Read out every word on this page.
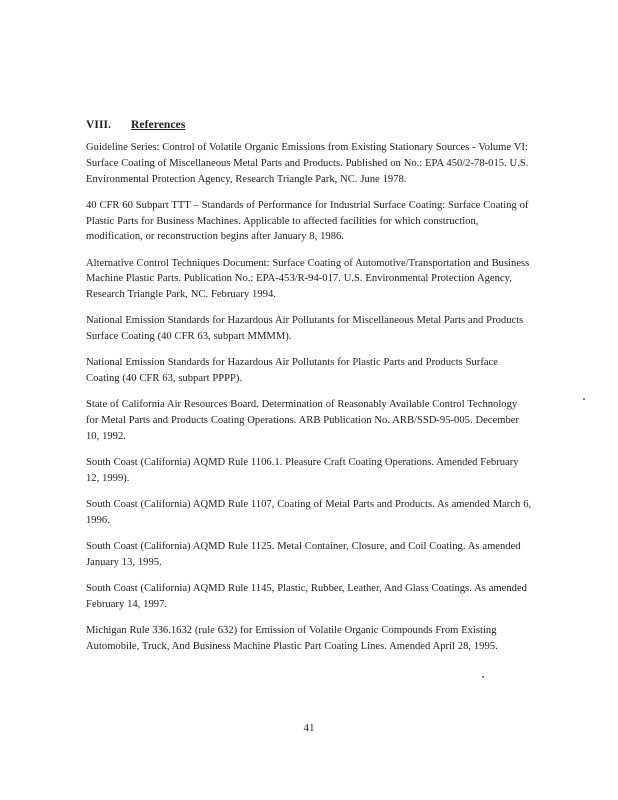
VIII. References
Guideline Series: Control of Volatile Organic Emissions from Existing Stationary Sources - Volume VI: Surface Coating of Miscellaneous Metal Parts and Products. Published on No.: EPA 450/2-78-015. U.S. Environmental Protection Agency, Research Triangle Park, NC. June 1978.
40 CFR 60 Subpart TTT – Standards of Performance for Industrial Surface Coating: Surface Coating of Plastic Parts for Business Machines. Applicable to affected facilities for which construction, modification, or reconstruction begins after January 8, 1986.
Alternative Control Techniques Document: Surface Coating of Automotive/Transportation and Business Machine Plastic Parts. Publication No.: EPA-453/R-94-017. U.S. Environmental Protection Agency, Research Triangle Park, NC. February 1994.
National Emission Standards for Hazardous Air Pollutants for Miscellaneous Metal Parts and Products Surface Coating (40 CFR 63, subpart MMMM).
National Emission Standards for Hazardous Air Pollutants for Plastic Parts and Products Surface Coating (40 CFR 63, subpart PPPP).
State of California Air Resources Board. Determination of Reasonably Available Control Technology for Metal Parts and Products Coating Operations. ARB Publication No. ARB/SSD-95-005. December 10, 1992.
South Coast (California) AQMD Rule 1106.1. Pleasure Craft Coating Operations. Amended February 12, 1999).
South Coast (California) AQMD Rule 1107, Coating of Metal Parts and Products. As amended March 6, 1996.
South Coast (California) AQMD Rule 1125. Metal Container, Closure, and Coil Coating. As amended January 13, 1995.
South Coast (California) AQMD Rule 1145, Plastic, Rubber, Leather, And Glass Coatings. As amended February 14, 1997.
Michigan Rule 336.1632 (rule 632) for Emission of Volatile Organic Compounds From Existing Automobile, Truck, And Business Machine Plastic Part Coating Lines. Amended April 28, 1995.
41
